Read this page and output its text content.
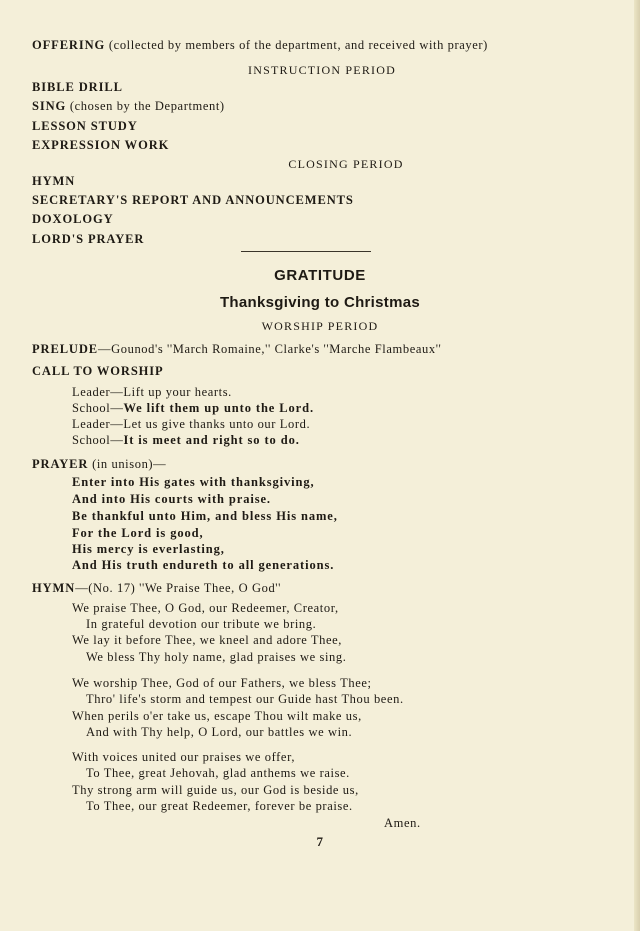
OFFERING (collected by members of the department, and received with prayer)
INSTRUCTION PERIOD
BIBLE DRILL
SING (chosen by the Department)
LESSON STUDY
EXPRESSION WORK
CLOSING PERIOD
HYMN
SECRETARY'S REPORT AND ANNOUNCEMENTS
DOXOLOGY
LORD'S PRAYER
GRATITUDE
Thanksgiving to Christmas
WORSHIP PERIOD
PRELUDE—Gounod's ''March Romaine,'' Clarke's ''Marche Flambeaux''
CALL TO WORSHIP
Leader—Lift up your hearts.
School—We lift them up unto the Lord.
Leader—Let us give thanks unto our Lord.
School—It is meet and right so to do.
PRAYER (in unison)—
Enter into His gates with thanksgiving,
And into His courts with praise.
Be thankful unto Him, and bless His name,
For the Lord is good,
His mercy is everlasting,
And His truth endureth to all generations.
HYMN—(No. 17) ''We Praise Thee, O God''
We praise Thee, O God, our Redeemer, Creator,
In grateful devotion our tribute we bring.
We lay it before Thee, we kneel and adore Thee,
We bless Thy holy name, glad praises we sing.
We worship Thee, God of our Fathers, we bless Thee;
Thro' life's storm and tempest our Guide hast Thou been.
When perils o'er take us, escape Thou wilt make us,
And with Thy help, O Lord, our battles we win.
With voices united our praises we offer,
To Thee, great Jehovah, glad anthems we raise.
Thy strong arm will guide us, our God is beside us,
To Thee, our great Redeemer, forever be praise.
Amen.
7
